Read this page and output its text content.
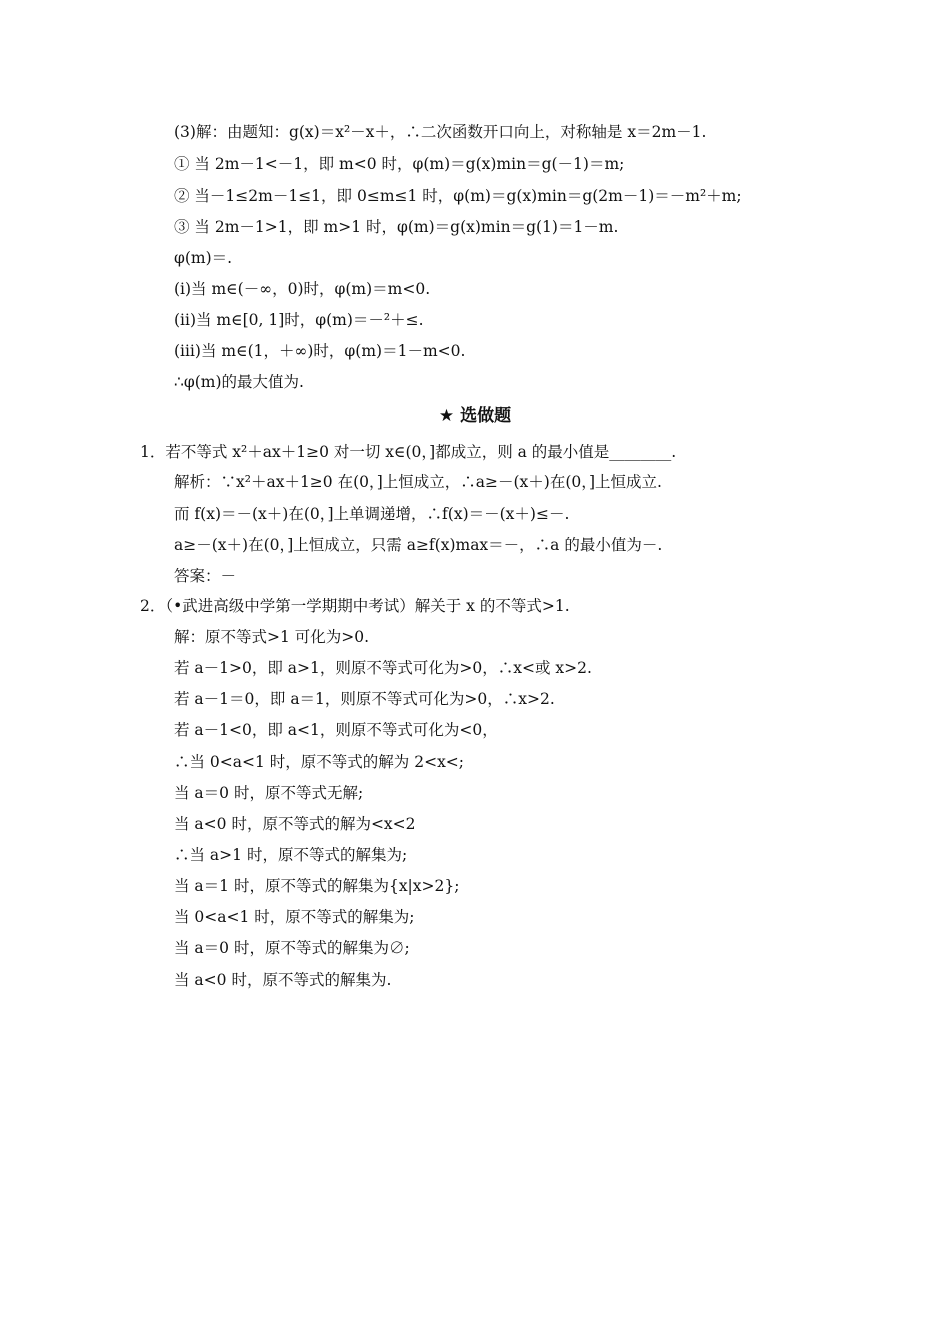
(3)解：由题知：g(x)＝x²－x＋，∴二次函数开口向上，对称轴是 x＝2m－1.
① 当 2m－1<－1，即 m<0 时，φ(m)＝g(x)min＝g(－1)＝m;
② 当－1≤2m－1≤1，即 0≤m≤1 时，φ(m)＝g(x)min＝g(2m－1)＝－m²＋m;
③ 当 2m－1>1，即 m>1 时，φ(m)＝g(x)min＝g(1)＝1－m.
φ(m)＝.
(ⅰ)当 m∈(－∞，0)时，φ(m)＝m<0.
(ⅱ)当 m∈[0, 1]时，φ(m)＝－²＋≤.
(ⅲ)当 m∈(1，＋∞)时，φ(m)＝1－m<0.
∴φ(m)的最大值为.
★ 选做题
1．若不等式 x²＋ax＋1≥0 对一切 x∈(0，]都成立，则 a 的最小值是________.
解析：∵x²＋ax＋1≥0 在(0，]上恒成立，∴a≥－(x＋)在(0，]上恒成立.
而 f(x)＝－(x＋)在(0，]上单调递增，∴f(x)＝－(x＋)≤－.
a≥－(x＋)在(0，]上恒成立，只需 a≥f(x)max＝－，∴a 的最小值为－.
答案：－
2．（•武进高级中学第一学期期中考试）解关于 x 的不等式>1.
解：原不等式>1 可化为>0.
若 a－1>0，即 a>1，则原不等式可化为>0，∴x<或 x>2.
若 a－1＝0，即 a＝1，则原不等式可化为>0，∴x>2.
若 a－1<0，即 a<1，则原不等式可化为<0，
∴当 0<a<1 时，原不等式的解为 2<x<;
当 a＝0 时，原不等式无解;
当 a<0 时，原不等式的解为<x<2
∴当 a>1 时，原不等式的解集为;
当 a＝1 时，原不等式的解集为{x|x>2};
当 0<a<1 时，原不等式的解集为;
当 a＝0 时，原不等式的解集为∅;
当 a<0 时，原不等式的解集为.
